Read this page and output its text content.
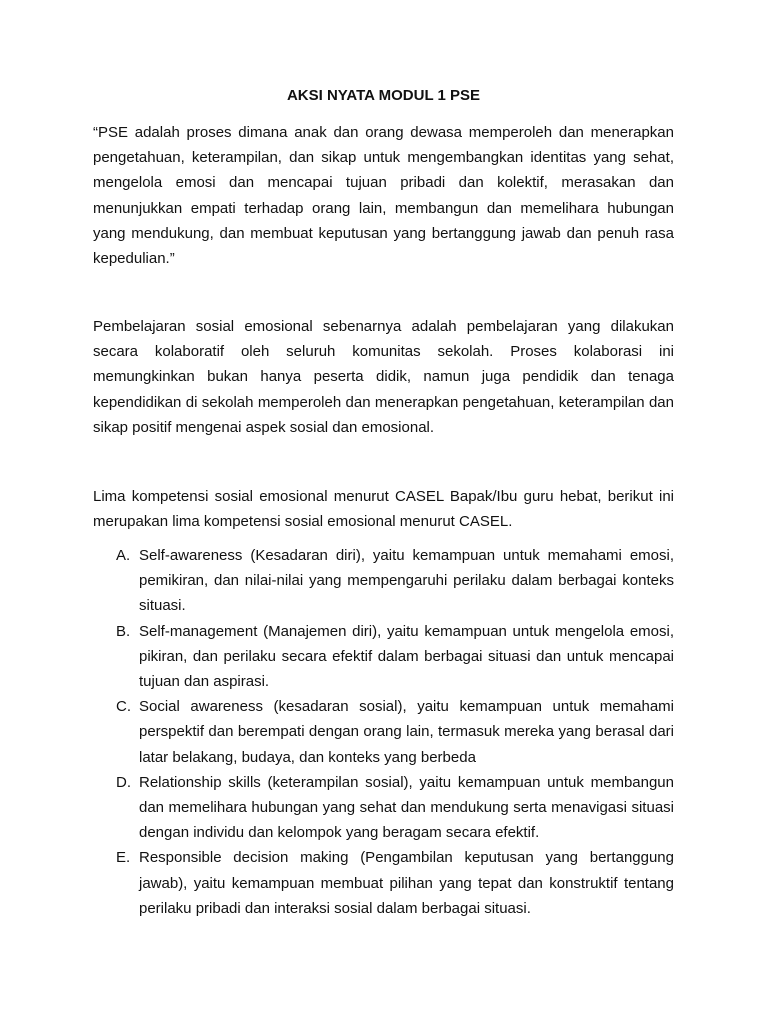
AKSI NYATA MODUL 1 PSE

“PSE adalah proses dimana anak dan orang dewasa memperoleh dan menerapkan pengetahuan, keterampilan, dan sikap untuk mengembangkan identitas yang sehat, mengelola emosi dan mencapai tujuan pribadi dan kolektif, merasakan dan menunjukkan empati terhadap orang lain, membangun dan memelihara hubungan yang mendukung, dan membuat keputusan yang bertanggung jawab dan penuh rasa kepedulian.”

Pembelajaran sosial emosional sebenarnya adalah pembelajaran yang dilakukan secara kolaboratif oleh seluruh komunitas sekolah. Proses kolaborasi ini memungkinkan bukan hanya peserta didik, namun juga pendidik dan tenaga kependidikan di sekolah memperoleh dan menerapkan pengetahuan, keterampilan dan sikap positif mengenai aspek sosial dan emosional.

Lima kompetensi sosial emosional menurut CASEL Bapak/Ibu guru hebat, berikut ini merupakan lima kompetensi sosial emosional menurut CASEL.

A. Self-awareness (Kesadaran diri), yaitu kemampuan untuk memahami emosi, pemikiran, dan nilai-nilai yang mempengaruhi perilaku dalam berbagai konteks situasi.
B. Self-management (Manajemen diri), yaitu kemampuan untuk mengelola emosi, pikiran, dan perilaku secara efektif dalam berbagai situasi dan untuk mencapai tujuan dan aspirasi.
C. Social awareness (kesadaran sosial), yaitu kemampuan untuk memahami perspektif dan berempati dengan orang lain, termasuk mereka yang berasal dari latar belakang, budaya, dan konteks yang berbeda
D. Relationship skills (keterampilan sosial), yaitu kemampuan untuk membangun dan memelihara hubungan yang sehat dan mendukung serta menavigasi situasi dengan individu dan kelompok yang beragam secara efektif.
E. Responsible decision making (Pengambilan keputusan yang bertanggung jawab), yaitu kemampuan membuat pilihan yang tepat dan konstruktif tentang perilaku pribadi dan interaksi sosial dalam berbagai situasi.
